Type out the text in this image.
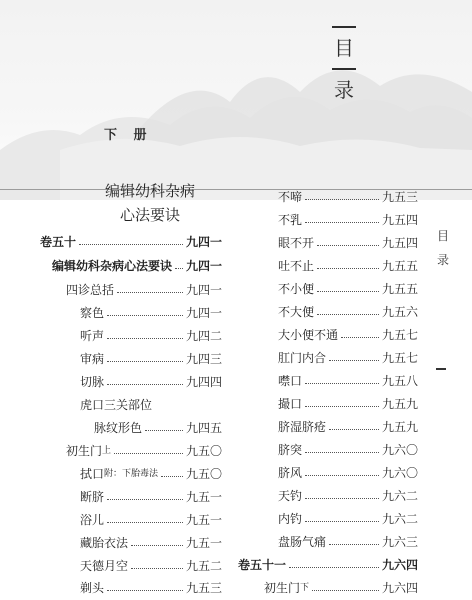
目
录
下 册
编辑幼科杂病
心法要诀
卷五十	九四一
编辑幼科杂病心法要诀 九四一
四诊总括	九四一
察色	九四一
听声	九四二
审病	九四三
切脉	九四四
虎口三关部位
脉纹形色	九四五
初生门 上	九五〇
拭口 附：下胎毒法 九五〇
断脐	九五一
浴儿	九五一
藏胎衣法	九五一
天德月空	九五二
剃头	九五三
不啼	九五三
不乳	九五四
眼不开	九五四
吐不止	九五五
不小便	九五五
不大便	九五六
大小便不通	九五七
肛门内合	九五七
噤口	九五八
撮口	九五九
脐湿脐疮	九五九
脐突	九六〇
脐风	九六〇
天钓	九六二
内钓	九六二
盘肠气痛	九六三
卷五十一	九六四
初生门 下	九六四
目
录
